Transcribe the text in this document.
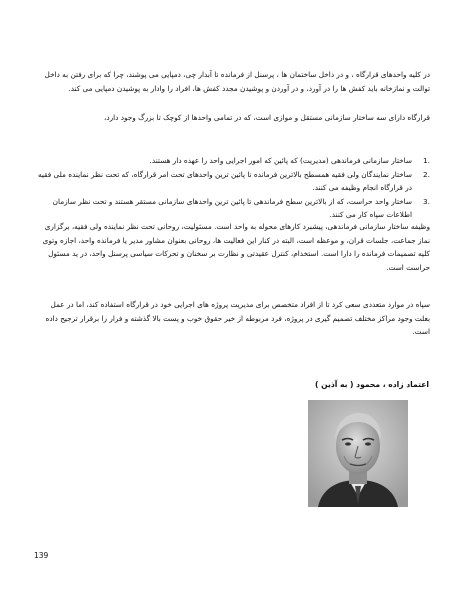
در کلیه واحدهای قرارگاه ، و در داخل ساختمان ها ، پرسنل از فرمانده تا آبدار چی، دمپایی می پوشند، چرا که برای رفتن به داخل توالت و نمازخانه باید کفش ها را در آورد، و در آوردن و پوشیدن مجدد کفش ها، افراد را وادار به پوشیدن دمپایی می کند.

قرارگاه دارای سه ساختار سازمانی مستقل و موازی است، که در تمامی واحدها از کوچک تا بزرگ وجود دارد،

.1
ساختار سازمانی فرماندهی (مدیریت) که پائین که امور اجرایی واحد را عهده دار هستند.
.2
ساختار نمایندگان ولی فقیه همسطح بالاترین فرمانده تا پائین ترین واحدهای تحت امر قرارگاه، که تحت نظر نماینده ملی فقیه در قرارگاه انجام وظیفه می کنند.
.3
ساختار واحد حراست، که از بالاترین سطح فرماندهی تا پائین ترین واحدهای سازمانی مستقر هستند و تحت نظر سازمان اطلاعات سپاه کار می کنند.

وظیفه ساختار سازمانی فرماندهی، پیشبرد کارهای محوله به واحد است. مسئولیت، روحانی تحت نظر نماینده ولی فقیه، برگزاری نماز جماعت، جلسات قران، و موعظه است، البته در کنار این فعالیت ها، روحانی بعنوان مشاور مدیر یا فرمانده واحد، اجازه وتوی کلیه تصمیمات فرمانده را دارا است. استخدام، کنترل عقیدتی و نظارت بر سخنان و تحرکات سیاسی پرسنل واحد، در ید مسئول حراست است.

سپاه در موارد متعددی سعی کرد تا از افراد متخصص برای مدیریت پروژه های اجرایی خود در قرارگاه استفاده کند، اما در عمل بعلت وجود مراکز مختلف تصمیم گیری در پروژه، فرد مربوطه از خیر حقوق خوب و پست بالا گذشته و فرار را برقرار ترجیح داده است.

اعتماد زاده ، محمود ( به آذین )
139
